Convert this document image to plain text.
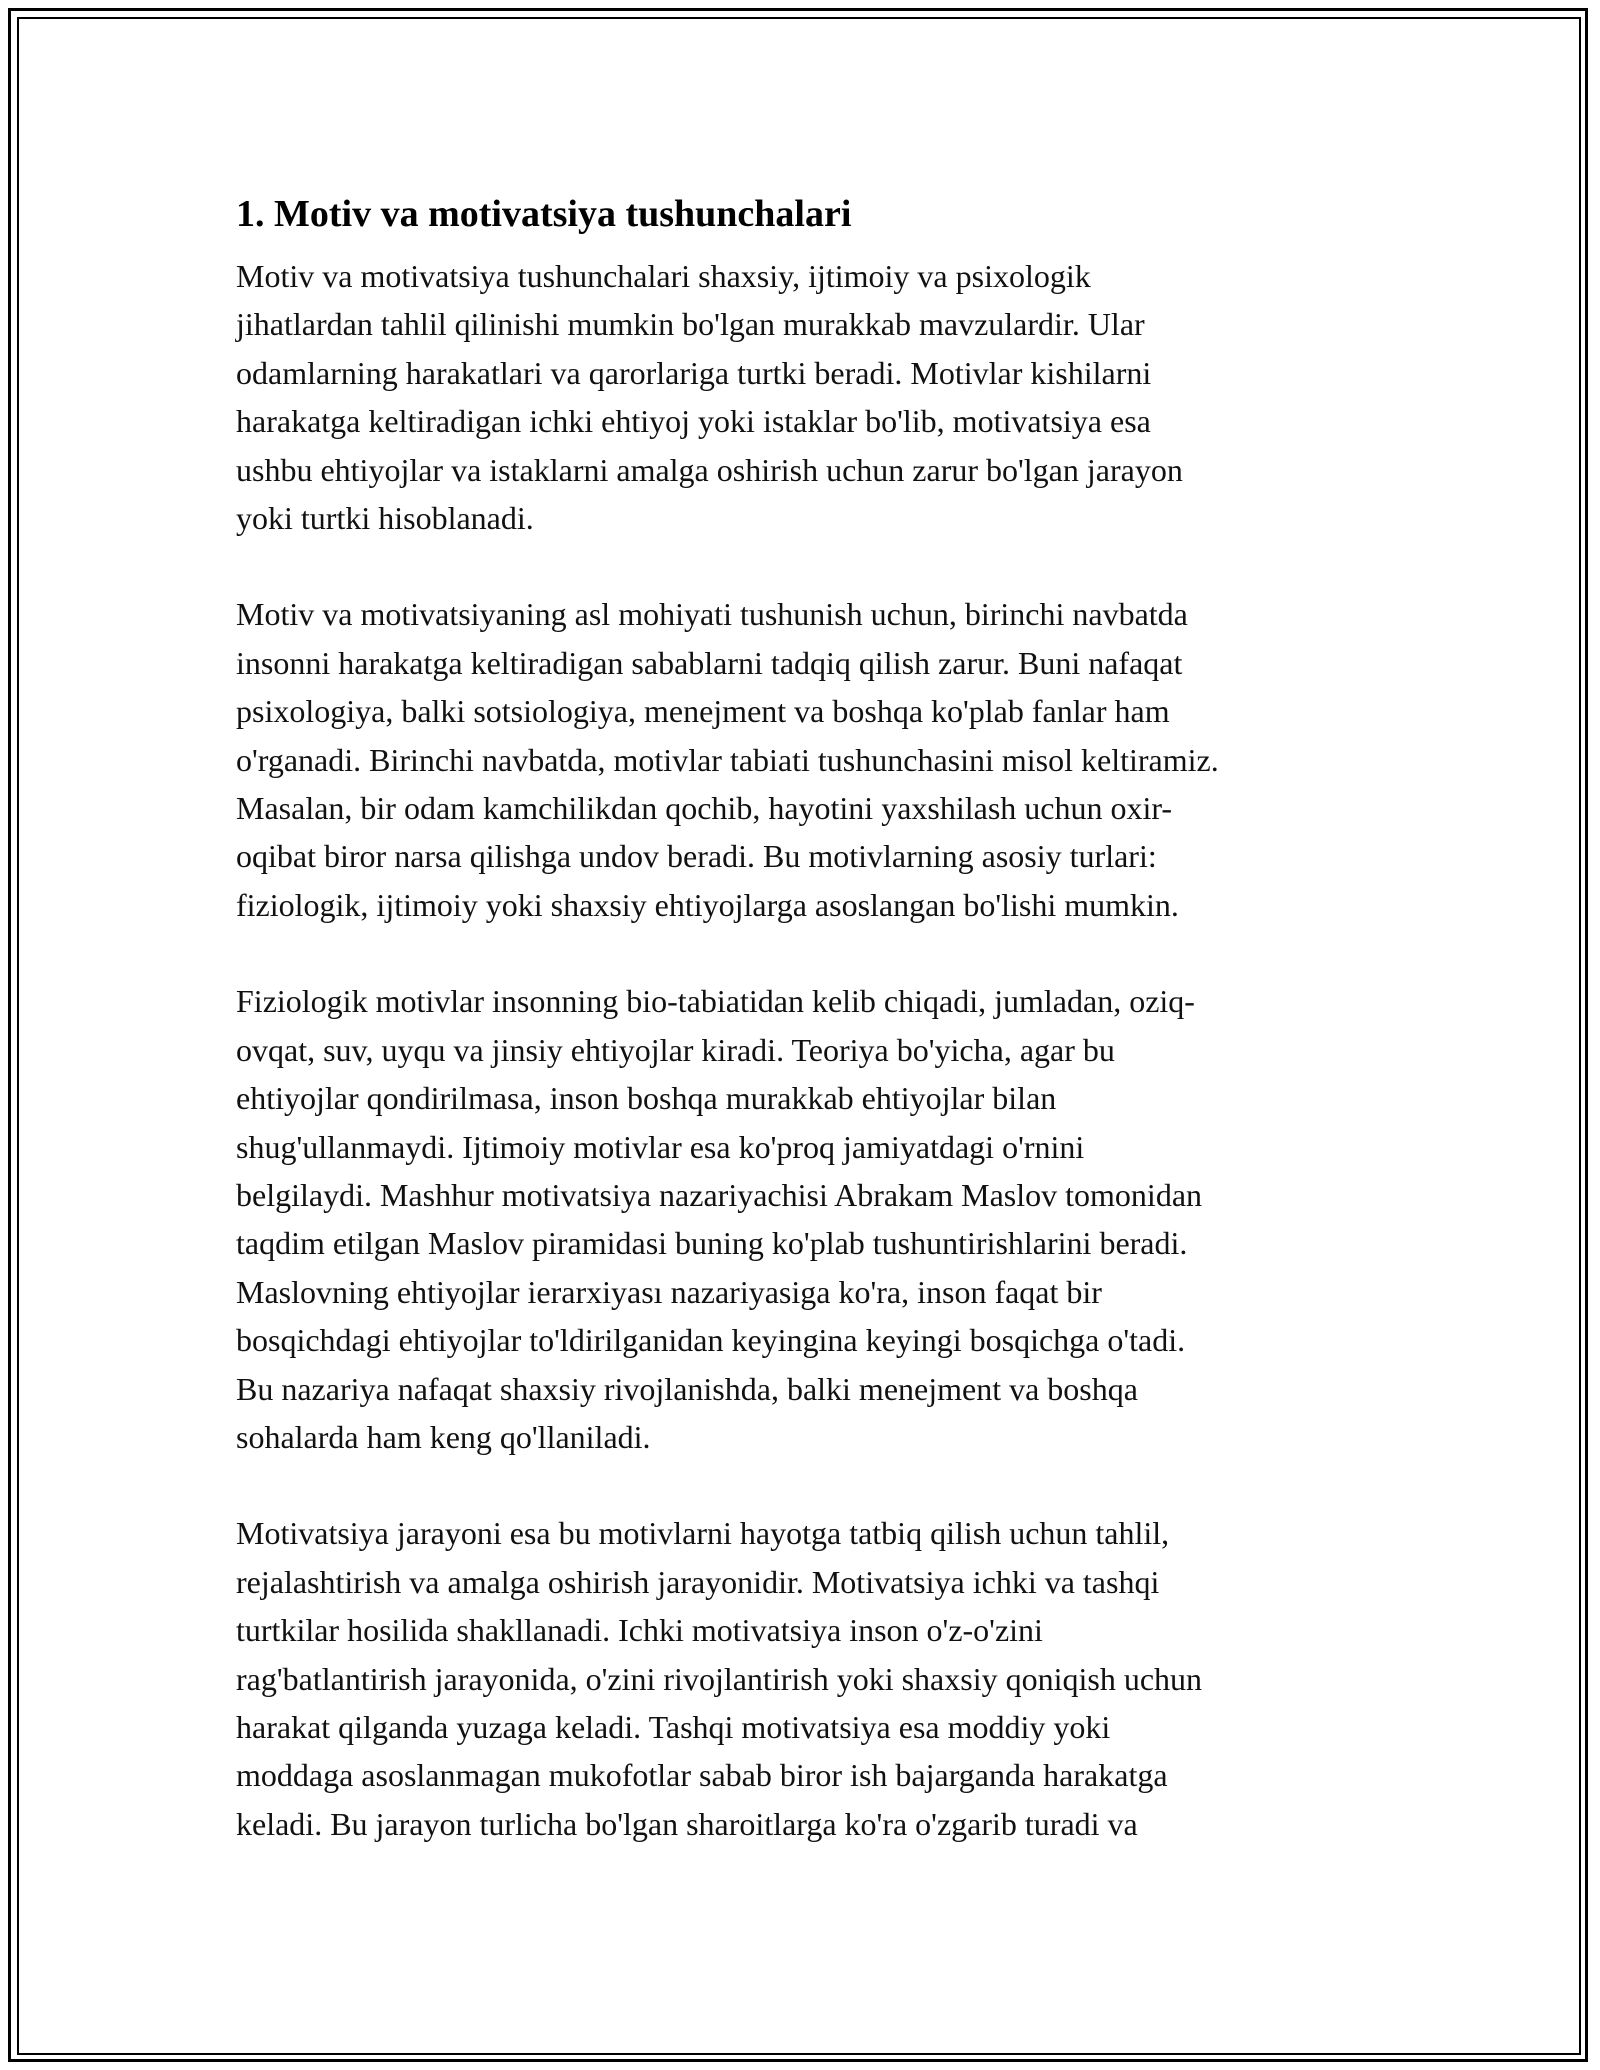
1. Motiv va motivatsiya tushunchalari

Motiv va motivatsiya tushunchalari shaxsiy, ijtimoiy va psixologik
jihatlardan tahlil qilinishi mumkin bo'lgan murakkab mavzulardir. Ular
odamlarning harakatlari va qarorlariga turtki beradi. Motivlar kishilarni
harakatga keltiradigan ichki ehtiyoj yoki istaklar bo'lib, motivatsiya esa
ushbu ehtiyojlar va istaklarni amalga oshirish uchun zarur bo'lgan jarayon
yoki turtki hisoblanadi.

Motiv va motivatsiyaning asl mohiyati tushunish uchun, birinchi navbatda
insonni harakatga keltiradigan sabablarni tadqiq qilish zarur. Buni nafaqat
psixologiya, balki sotsiologiya, menejment va boshqa ko'plab fanlar ham
o'rganadi. Birinchi navbatda, motivlar tabiati tushunchasini misol keltiramiz.
Masalan, bir odam kamchilikdan qochib, hayotini yaxshilash uchun oxir-
oqibat biror narsa qilishga undov beradi. Bu motivlarning asosiy turlari:
fiziologik, ijtimoiy yoki shaxsiy ehtiyojlarga asoslangan bo'lishi mumkin.

Fiziologik motivlar insonning bio-tabiatidan kelib chiqadi, jumladan, oziq-
ovqat, suv, uyqu va jinsiy ehtiyojlar kiradi. Teoriya bo'yicha, agar bu
ehtiyojlar qondirilmasa, inson boshqa murakkab ehtiyojlar bilan
shug'ullanmaydi. Ijtimoiy motivlar esa ko'proq jamiyatdagi o'rnini
belgilaydi. Mashhur motivatsiya nazariyachisi Abrakam Maslov tomonidan
taqdim etilgan Maslov piramidasi buning ko'plab tushuntirishlarini beradi.
Maslovning ehtiyojlar ierarxiyası nazariyasiga ko'ra, inson faqat bir
bosqichdagi ehtiyojlar to'ldirilganidan keyingina keyingi bosqichga o'tadi.
Bu nazariya nafaqat shaxsiy rivojlanishda, balki menejment va boshqa
sohalarda ham keng qo'llaniladi.

Motivatsiya jarayoni esa bu motivlarni hayotga tatbiq qilish uchun tahlil,
rejalashtirish va amalga oshirish jarayonidir. Motivatsiya ichki va tashqi
turtkilar hosilida shakllanadi. Ichki motivatsiya inson o'z-o'zini
rag'batlantirish jarayonida, o'zini rivojlantirish yoki shaxsiy qoniqish uchun
harakat qilganda yuzaga keladi. Tashqi motivatsiya esa moddiy yoki
moddaga asoslanmagan mukofotlar sabab biror ish bajarganda harakatga
keladi. Bu jarayon turlicha bo'lgan sharoitlarga ko'ra o'zgarib turadi va
